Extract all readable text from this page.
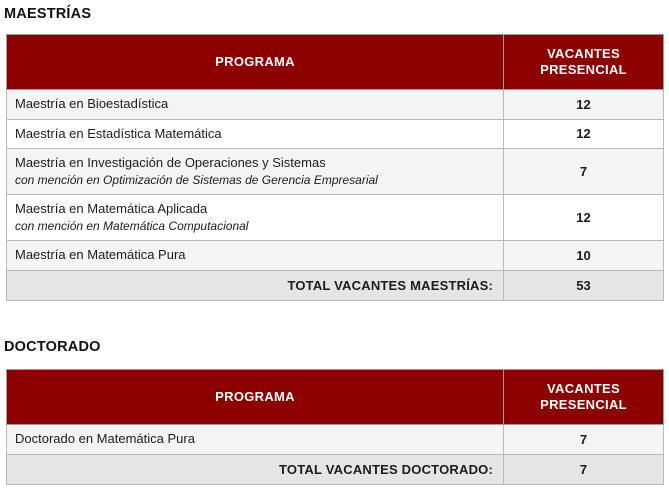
MAESTRÍAS
PROGRAMA	VACANTES
PRESENCIAL

Maestría en Bioestadística	12

Maestría en Estadística Matemática	12

Maestría en Investigación de Operaciones y Sistemas
con mención en Optimización de Sistemas de Gerencia Empresarial	7

Maestría en Matemática Aplicada
con mención en Matemática Computacional	12

Maestría en Matemática Pura	10
TOTAL VACANTES MAESTRÍAS:	53
DOCTORADO
PROGRAMA	VACANTES
PRESENCIAL

Doctorado en Matemática Pura	7
TOTAL VACANTES DOCTORADO:	7
